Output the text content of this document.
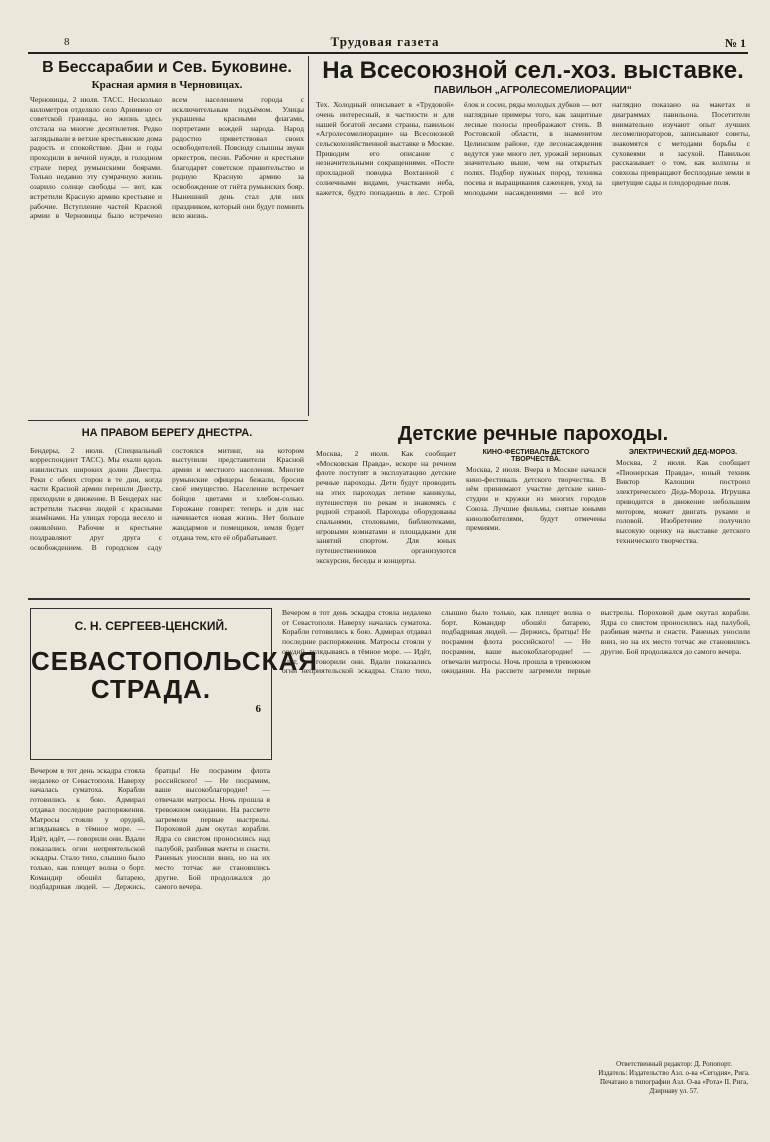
8	Трудовая газета	№ 1
В Бессарабии и Сев. Буковине.
Красная армия в Черновицах.
Черновицы, 2 июля. ТАСС. Несколько километров отделяло село Арнивено от советской границы, но жизнь здесь отстала на многие десятилетия. Редко заглядывали в ветхие крестьянские дома радость и спокойствие. Дни и годы проходили в вечной нужде, в голодном страхе перед румынскими боярами. Только недавно эту сумрачную жизнь озарило солнце свободы — вот, как встретили Красную армию крестьяне и рабочие. Вступление частей Красной армии в Черновицы было встречено всем населением города с исключительным подъёмом. Улицы украшены красными флагами, портретами вождей народа. Народ радостно приветствовал своих освободителей. Повсюду слышны звуки оркестров, песни. Рабочие и крестьяне благодарят советское правительство и родную Красную армию за освобождение от гнёта румынских бояр. Нынешний день стал для них праздником, который они будут помнить всю жизнь.
На Всесоюзной сел.-хоз. выставке.
ПАВИЛЬОН „АГРОЛЕСОМЕЛИОРАЦИИ“
Тех. Холодный описывает в «Трудовой» очень интересный, в частности и для нашей богатой лесами страны, павильон «Агролесомелиорации» на Всесоюзной сельскохозяйственной выставке в Москве. Приводим его описание с незначительными сокращениями. «Посте прохладной поводка Вохтанной с солнечными видами, участками неба, кажется, будто попадаешь в лес. Строй ёлок и сосен, ряды молодых дубков — вот наглядные примеры того, как защитные лесные полосы преображают степь. В Ростовской области, в знаменитом Целинском районе, где лесонасаждения ведутся уже много лет, урожай зерновых значительно выше, чем на открытых полях. Подбор нужных пород, техника посева и выращивания саженцев, уход за молодыми насаждениями — всё это наглядно показано на макетах и диаграммах павильона. Посетители внимательно изучают опыт лучших лесомелиораторов, записывают советы, знакомятся с методами борьбы с суховеями и засухой. Павильон рассказывает о том, как колхозы и совхозы превращают бесплодные земли в цветущие сады и плодородные поля.
НА ПРАВОМ БЕРЕГУ ДНЕСТРА.
Бендеры, 2 июля. (Специальный корреспондент ТАСС). Мы ехали вдоль извилистых широких долин Днестра. Реки с обеих сторон в те дни, когда части Красной армии перешли Днестр, приходили в движение. В Бендерах нас встретили тысячи людей с красными знамёнами. На улицах города весело и оживлённо. Рабочие и крестьяне поздравляют друг друга с освобождением. В городском саду состоялся митинг, на котором выступили представители Красной армии и местного населения. Многие румынские офицеры бежали, бросив своё имущество. Население встречает бойцов цветами и хлебом-солью. Горожане говорят: теперь и для нас начинается новая жизнь. Нет больше жандармов и помещиков, земля будет отдана тем, кто её обрабатывает.
Детские речные пароходы.
Москва, 2 июля. Как сообщает «Московская Правда», вскоре на речном флоте поступят в эксплуатацию детские речные пароходы. Дети будут проводить на этих пароходах летние каникулы, путешествуя по рекам и знакомясь с родной страной. Пароходы оборудованы спальнями, столовыми, библиотеками, игровыми комнатами и площадками для занятий спортом. Для юных путешественников организуются экскурсии, беседы и концерты.
КИНО-ФЕСТИВАЛЬ ДЕТСКОГО ТВОРЧЕСТВА.
Москва, 2 июля. Вчера в Москве начался кино-фестиваль детского творчества. В нём принимают участие детские кино-студии и кружки из многих городов Союза. Лучшие фильмы, снятые юными кинолюбителями, будут отмечены премиями.
ЭЛЕКТРИЧЕСКИЙ ДЕД-МОРОЗ.
Москва, 2 июля. Как сообщает «Пионерская Правда», юный техник Виктор Калошин построил электрического Деда-Мороза. Игрушка приводится в движение небольшим мотором, может двигать руками и головой. Изобретение получило высокую оценку на выставке детского технического творчества.
С. Н. СЕРГЕЕВ-ЦЕНСКИЙ.
СЕВАСТОПОЛЬСКАЯ
СТРАДА.
6
Вечером в тот день эскадра стояла недалеко от Севастополя. Наверху началась суматоха. Корабли готовились к бою. Адмирал отдавал последние распоряжения. Матросы стояли у орудий, вглядываясь в тёмное море. — Идёт, идёт, — говорили они. Вдали показались огни неприятельской эскадры. Стало тихо, слышно было только, как плещет волна о борт. Командир обошёл батарею, подбадривая людей. — Держись, братцы! Не посрамим флота российского! — Не посрамим, ваше высокоблагородие! — отвечали матросы. Ночь прошла в тревожном ожидании. На рассвете загремели первые выстрелы. Пороховой дым окутал корабли. Ядра со свистом проносились над палубой, разбивая мачты и снасти. Раненых уносили вниз, но на их место тотчас же становились другие. Бой продолжался до самого вечера.
Вечером в тот день эскадра стояла недалеко от Севастополя. Наверху началась суматоха. Корабли готовились к бою. Адмирал отдавал последние распоряжения. Матросы стояли у орудий, вглядываясь в тёмное море. — Идёт, идёт, — говорили они. Вдали показались огни неприятельской эскадры. Стало тихо, слышно было только, как плещет волна о борт. Командир обошёл батарею, подбадривая людей. — Держись, братцы! Не посрамим флота российского! — Не посрамим, ваше высокоблагородие! — отвечали матросы. Ночь прошла в тревожном ожидании. На рассвете загремели первые выстрелы. Пороховой дым окутал корабли. Ядра со свистом проносились над палубой, разбивая мачты и снасти. Раненых уносили вниз, но на их место тотчас же становились другие. Бой продолжался до самого вечера.
Ответственный редактор: Д. Ропопорт.
Издатель: Издательство Азл. о-ва «Сегодня», Рига.
Печатано в типографии Азл. О-ва «Рота» II. Рига, Дзирнаву ул. 57.
